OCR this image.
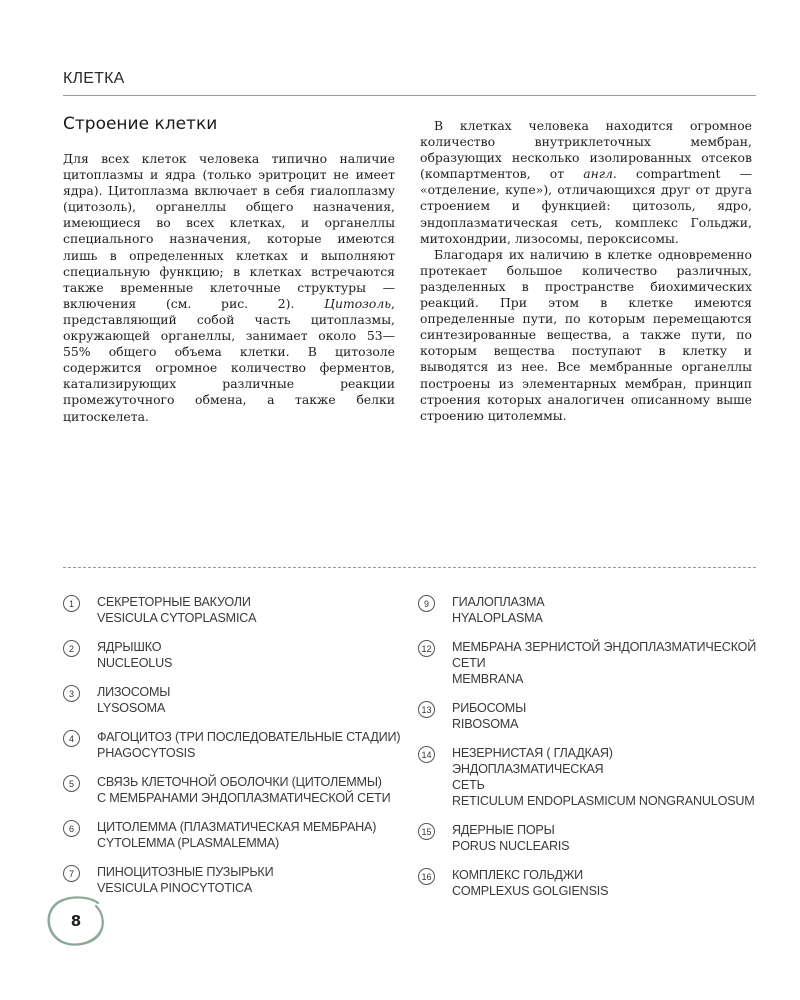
КЛЕТКА
Строение клетки

Для всех клеток человека типично наличие цитоплазмы и ядра (только эритроцит не имеет ядра). Цитоплазма включает в себя гиалоплазму (цитозоль), органеллы общего назначения, имеющиеся во всех клетках, и органеллы специального назначения, которые имеются лишь в определенных клетках и выполняют специальную функцию; в клетках встречаются также временные клеточные структуры — включения (см. рис. 2). Цитозоль, представляющий собой часть цитоплазмы, окружающей органеллы, занимает около 53—55% общего объема клетки. В цитозоле содержится огромное количество ферментов, катализирующих различные реакции промежуточного обмена, а также белки цитоскелета.

В клетках человека находится огромное количество внутриклеточных мембран, образующих несколько изолированных отсеков (компартментов, от англ. compartment — «отделение, купе»), отличающихся друг от друга строением и функцией: цитозоль, ядро, эндоплазматическая сеть, комплекс Гольджи, митохондрии, лизосомы, пероксисомы.

Благодаря их наличию в клетке одновременно протекает большое количество различных, разделенных в пространстве биохимических реакций. При этом в клетке имеются определенные пути, по которым перемещаются синтезированные вещества, а также пути, по которым вещества поступают в клетку и выводятся из нее. Все мембранные органеллы построены из элементарных мембран, принцип строения которых аналогичен описанному выше строению цитолеммы.

1	СЕКРЕТОРНЫЕ ВАКУОЛИ
VESICULA CYTOPLASMICA
2	ЯДРЫШКО
NUCLEOLUS
3	ЛИЗОСОМЫ
LYSOSOMA
4	ФАГОЦИТОЗ (ТРИ ПОСЛЕДОВАТЕЛЬНЫЕ СТАДИИ)
PHAGOCYTOSIS
5	СВЯЗЬ КЛЕТОЧНОЙ ОБОЛОЧКИ (ЦИТОЛЕММЫ)
С МЕМБРАНАМИ ЭНДОПЛАЗМАТИЧЕСКОЙ СЕТИ
6	ЦИТОЛЕММА (ПЛАЗМАТИЧЕСКАЯ МЕМБРАНА)
CYTOLEMMA (PLASMALEMMA)
7	ПИНОЦИТОЗНЫЕ ПУЗЫРЬКИ
VESICULA PINOCYTOTICA
9	ГИАЛОПЛАЗМА
HYALOPLASMA
12 МЕМБРАНА ЗЕРНИСТОЙ ЭНДОПЛАЗМАТИЧЕСКОЙ СЕТИ
MEMBRANA
13 РИБОСОМЫ
RIBOSOMA
14 НЕЗЕРНИСТАЯ ( ГЛАДКАЯ) ЭНДОПЛАЗМАТИЧЕСКАЯ
СЕТЬ
RETICULUM ENDOPLASMICUM NONGRANULOSUM
15 ЯДЕРНЫЕ ПОРЫ
PORUS NUCLEARIS
16 КОМПЛЕКС ГОЛЬДЖИ
COMPLEXUS GOLGIENSIS
8
